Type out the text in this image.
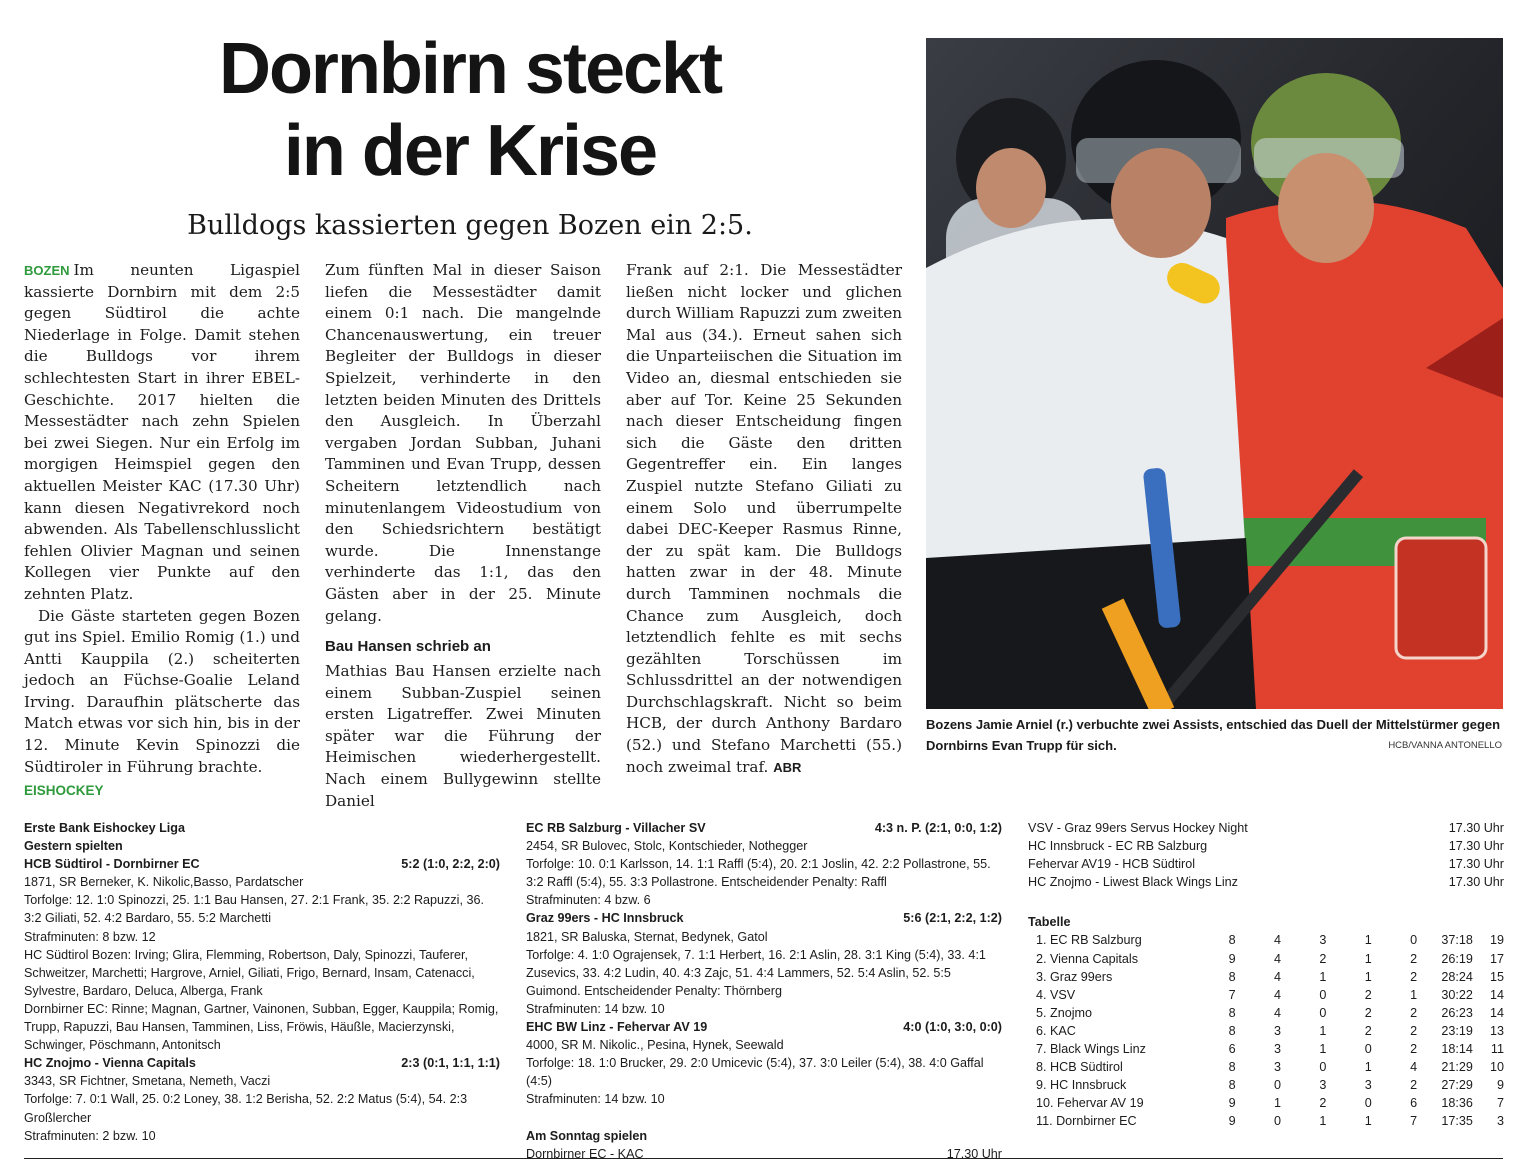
Dornbirn steckt
in der Krise
Bulldogs kassierten gegen Bozen ein 2:5.

BOZEN Im neunten Ligaspiel kassierte Dornbirn mit dem 2:5 gegen Südtirol die achte Niederlage in Folge. Damit stehen die Bulldogs vor ihrem schlechtesten Start in ihrer EBEL-Geschichte. 2017 hielten die Messestädter nach zehn Spielen bei zwei Siegen. Nur ein Erfolg im morgigen Heimspiel gegen den aktuellen Meister KAC (17.30 Uhr) kann diesen Negativrekord noch abwenden. Als Tabellenschlusslicht fehlen Olivier Magnan und seinen Kollegen vier Punkte auf den zehnten Platz.

Die Gäste starteten gegen Bozen gut ins Spiel. Emilio Romig (1.) und Antti Kauppila (2.) scheiterten jedoch an Füchse-Goalie Leland Irving. Daraufhin plätscherte das Match etwas vor sich hin, bis in der 12. Minute Kevin Spinozzi die Südtiroler in Führung brachte.

Zum fünften Mal in dieser Saison liefen die Messestädter damit einem 0:1 nach. Die mangelnde Chancenauswertung, ein treuer Begleiter der Bulldogs in dieser Spielzeit, verhinderte in den letzten beiden Minuten des Drittels den Ausgleich. In Überzahl vergaben Jordan Subban, Juhani Tamminen und Evan Trupp, dessen Scheitern letztendlich nach minutenlangem Videostudium von den Schiedsrichtern bestätigt wurde. Die Innenstange verhinderte das 1:1, das den Gästen aber in der 25. Minute gelang.

Bau Hansen schrieb an

Mathias Bau Hansen erzielte nach einem Subban-Zuspiel seinen ersten Ligatreffer. Zwei Minuten später war die Führung der Heimischen wiederhergestellt. Nach einem Bullygewinn stellte Daniel

Frank auf 2:1. Die Messestädter ließen nicht locker und glichen durch William Rapuzzi zum zweiten Mal aus (34.). Erneut sahen sich die Unparteiischen die Situation im Video an, diesmal entschieden sie aber auf Tor. Keine 25 Sekunden nach dieser Entscheidung fingen sich die Gäste den dritten Gegentreffer ein. Ein langes Zuspiel nutzte Stefano Giliati zu einem Solo und überrumpelte dabei DEC-Keeper Rasmus Rinne, der zu spät kam. Die Bulldogs hatten zwar in der 48. Minute durch Tamminen nochmals die Chance zum Ausgleich, doch letztendlich fehlte es mit sechs gezählten Torschüssen im Schlussdrittel an der notwendigen Durchschlagskraft. Nicht so beim HCB, der durch Anthony Bardaro (52.) und Stefano Marchetti (55.) noch zweimal traf. ABR

Bozens Jamie Arniel (r.) verbuchte zwei Assists, entschied das Duell der Mittelstürmer gegen Dornbirns Evan Trupp für sich.	HCB/VANNA ANTONELLO
EISHOCKEY
Erste Bank Eishockey Liga
Gestern spielten
HCB Südtirol - Dornbirner EC	5:2 (1:0, 2:2, 2:0)
1871, SR Berneker, K. Nikolic,Basso, Pardatscher
Torfolge: 12. 1:0 Spinozzi, 25. 1:1 Bau Hansen, 27. 2:1 Frank, 35. 2:2 Rapuzzi, 36. 3:2 Giliati, 52. 4:2 Bardaro, 55. 5:2 Marchetti
Strafminuten: 8 bzw. 12
HC Südtirol Bozen: Irving; Glira, Flemming, Robertson, Daly, Spinozzi, Tauferer, Schweitzer, Marchetti; Hargrove, Arniel, Giliati, Frigo, Bernard, Insam, Catenacci, Sylvestre, Bardaro, Deluca, Alberga, Frank
Dornbirner EC: Rinne; Magnan, Gartner, Vainonen, Subban, Egger, Kauppila; Romig, Trupp, Rapuzzi, Bau Hansen, Tamminen, Liss, Fröwis, Häußle, Macierzynski, Schwinger, Pöschmann, Antonitsch
HC Znojmo - Vienna Capitals	2:3 (0:1, 1:1, 1:1)
3343, SR Fichtner, Smetana, Nemeth, Vaczi
Torfolge: 7. 0:1 Wall, 25. 0:2 Loney, 38. 1:2 Berisha, 52. 2:2 Matus (5:4), 54. 2:3 Großlercher
Strafminuten: 2 bzw. 10
EC RB Salzburg - Villacher SV	4:3 n. P. (2:1, 0:0, 1:2)
2454, SR Bulovec, Stolc, Kontschieder, Nothegger
Torfolge: 10. 0:1 Karlsson, 14. 1:1 Raffl (5:4), 20. 2:1 Joslin, 42. 2:2 Pollastrone, 55. 3:2 Raffl (5:4), 55. 3:3 Pollastrone. Entscheidender Penalty: Raffl
Strafminuten: 4 bzw. 6
Graz 99ers - HC Innsbruck	5:6 (2:1, 2:2, 1:2)
1821, SR Baluska, Sternat, Bedynek, Gatol
Torfolge: 4. 1:0 Ograjensek, 7. 1:1 Herbert, 16. 2:1 Aslin, 28. 3:1 King (5:4), 33. 4:1 Zusevics, 33. 4:2 Ludin, 40. 4:3 Zajc, 51. 4:4 Lammers, 52. 5:4 Aslin, 52. 5:5 Guimond. Entscheidender Penalty: Thörnberg
Strafminuten: 14 bzw. 10
EHC BW Linz - Fehervar AV 19	4:0 (1:0, 3:0, 0:0)
4000, SR M. Nikolic., Pesina, Hynek, Seewald
Torfolge: 18. 1:0 Brucker, 29. 2:0 Umicevic (5:4), 37. 3:0 Leiler (5:4), 38. 4:0 Gaffal (4:5)
Strafminuten: 14 bzw. 10
Am Sonntag spielen
Dornbirner EC - KAC	17.30 Uhr
VSV - Graz 99ers Servus Hockey Night	17.30 Uhr
HC Innsbruck - EC RB Salzburg	17.30 Uhr
Fehervar AV19 - HCB Südtirol	17.30 Uhr
HC Znojmo - Liwest Black Wings Linz	17.30 Uhr
Tabelle
1. EC RB Salzburg	8	4	3	1	0	37:18	19
2. Vienna Capitals	9	4	2	1	2	26:19	17
3. Graz 99ers	8	4	1	1	2	28:24	15
4. VSV	7	4	0	2	1	30:22	14
5. Znojmo	8	4	0	2	2	26:23	14
6. KAC	8	3	1	2	2	23:19	13
7. Black Wings Linz	6	3	1	0	2	18:14	11
8. HCB Südtirol	8	3	0	1	4	21:29	10
9. HC Innsbruck	8	0	3	3	2	27:29	9
10. Fehervar AV 19	9	1	2	0	6	18:36	7
11. Dornbirner EC	9	0	1	1	7	17:35	3
